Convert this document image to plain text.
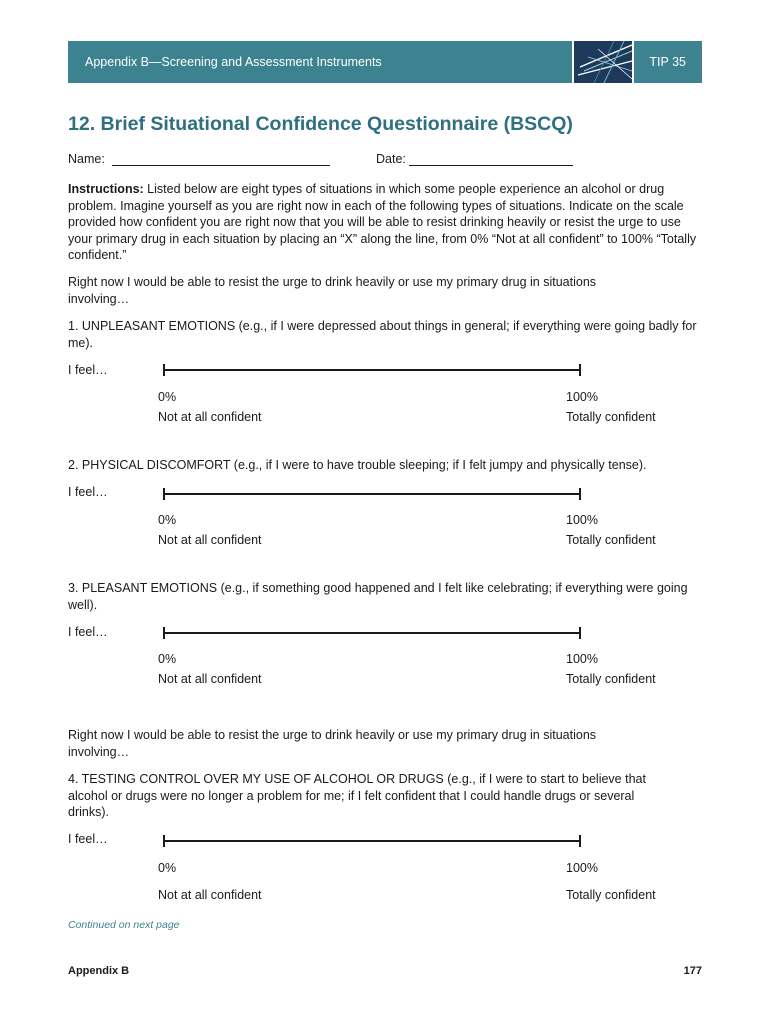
Appendix B—Screening and Assessment Instruments	TIP 35
12. Brief Situational Confidence Questionnaire (BSCQ)
Name:	Date:

Instructions: Listed below are eight types of situations in which some people experience an alcohol or drug problem. Imagine yourself as you are right now in each of the following types of situations. Indicate on the scale provided how confident you are right now that you will be able to resist drinking heavily or resist the urge to use your primary drug in each situation by placing an “X” along the line, from 0% “Not at all confident” to 100% “Totally confident.”

Right now I would be able to resist the urge to drink heavily or use my primary drug in situations involving…

1. UNPLEASANT EMOTIONS (e.g., if I were depressed about things in general; if everything were going badly for me).

I feel…
0%	100%
Not at all confident	Totally confident

2. PHYSICAL DISCOMFORT (e.g., if I were to have trouble sleeping; if I felt jumpy and physically tense).

I feel…
0%	100%
Not at all confident	Totally confident

3. PLEASANT EMOTIONS (e.g., if something good happened and I felt like celebrating; if everything were going well).

I feel…
0%	100%
Not at all confident	Totally confident

Right now I would be able to resist the urge to drink heavily or use my primary drug in situations involving…

4. TESTING CONTROL OVER MY USE OF ALCOHOL OR DRUGS (e.g., if I were to start to believe that alcohol or drugs were no longer a problem for me; if I felt confident that I could handle drugs or several drinks).

I feel…
0%	100%
Not at all confident	Totally confident
Continued on next page
Appendix B	177
